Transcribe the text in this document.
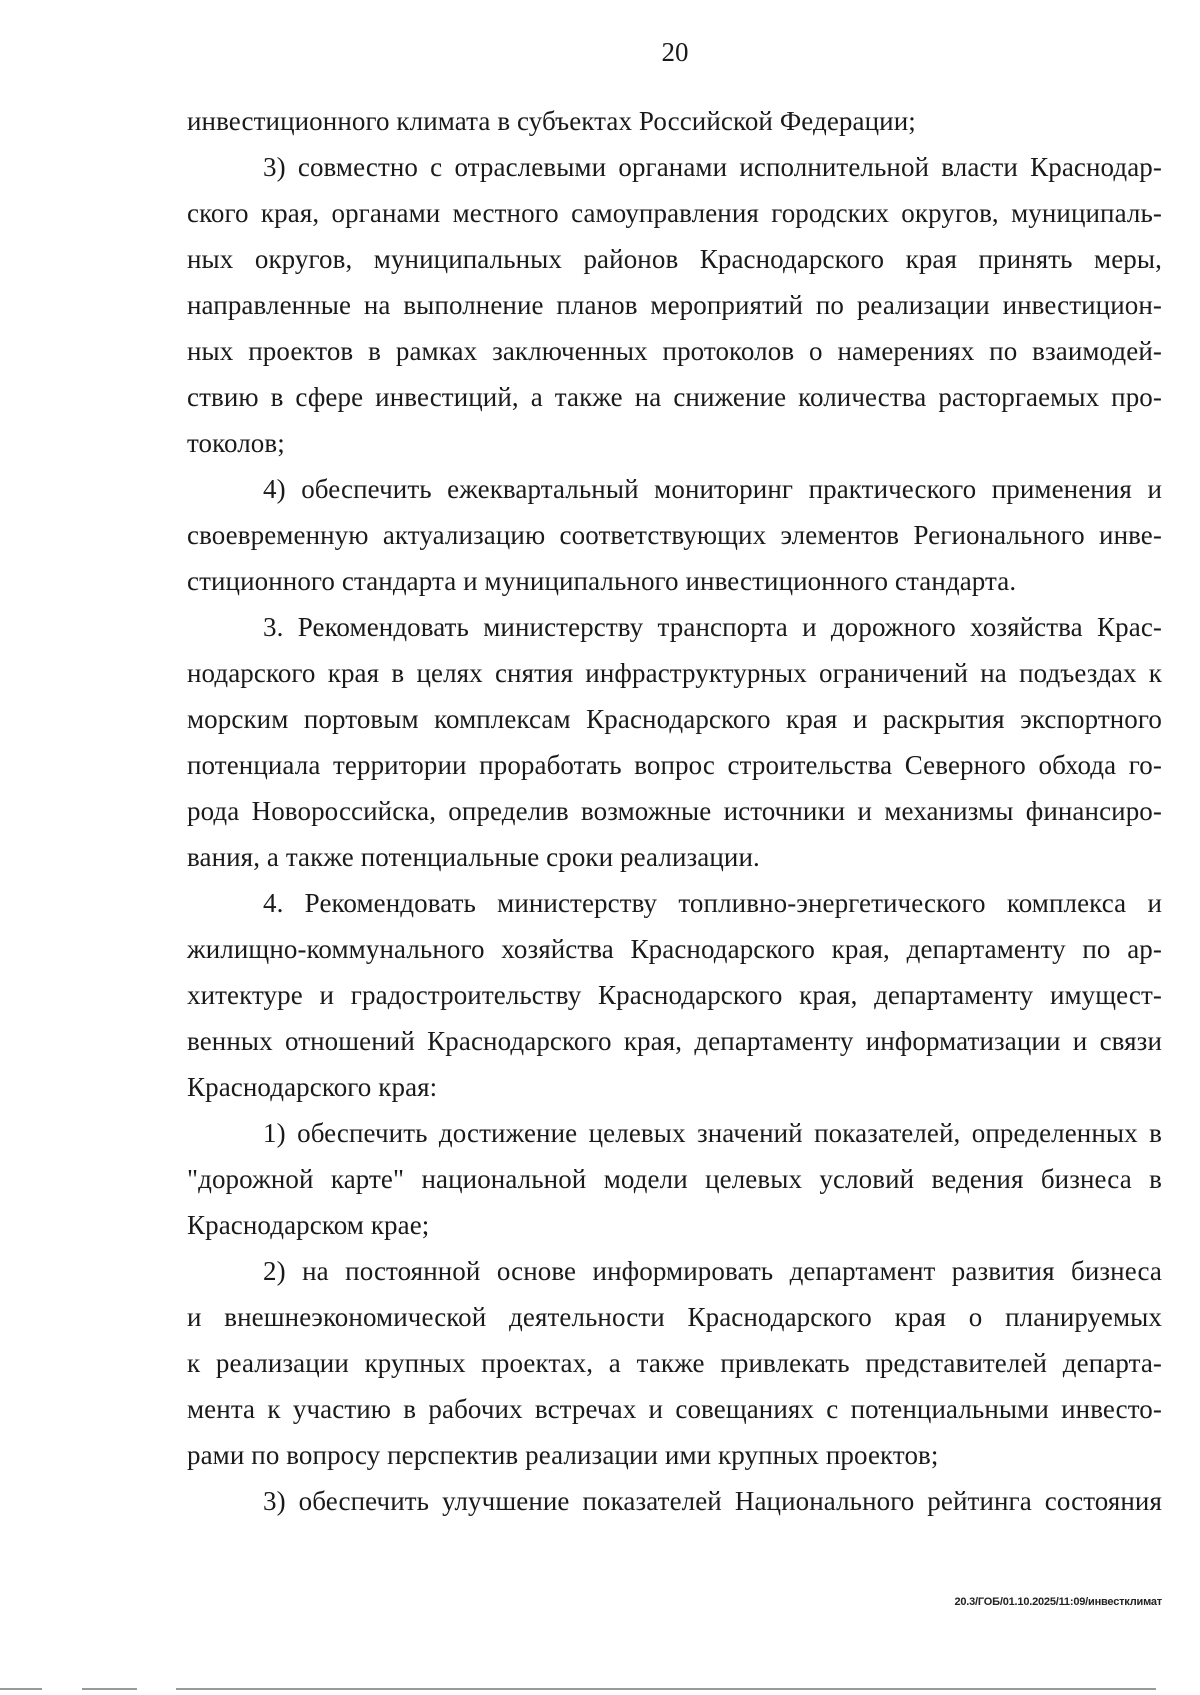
20
инвестиционного климата в субъектах Российской Федерации;
3) совместно с отраслевыми органами исполнительной власти Краснодар-
ского края, органами местного самоуправления городских округов, муниципаль-
ных округов, муниципальных районов Краснодарского края принять меры,
направленные на выполнение планов мероприятий по реализации инвестицион-
ных проектов в рамках заключенных протоколов о намерениях по взаимодей-
ствию в сфере инвестиций, а также на снижение количества расторгаемых про-
токолов;
4) обеспечить ежеквартальный мониторинг практического применения и
своевременную актуализацию соответствующих элементов Регионального инве-
стиционного стандарта и муниципального инвестиционного стандарта.
3. Рекомендовать министерству транспорта и дорожного хозяйства Крас-
нодарского края в целях снятия инфраструктурных ограничений на подъездах к
морским портовым комплексам Краснодарского края и раскрытия экспортного
потенциала территории проработать вопрос строительства Северного обхода го-
рода Новороссийска, определив возможные источники и механизмы финансиро-
вания, а также потенциальные сроки реализации.
4. Рекомендовать министерству топливно-энергетического комплекса и
жилищно-коммунального хозяйства Краснодарского края, департаменту по ар-
хитектуре и градостроительству Краснодарского края, департаменту имущест-
венных отношений Краснодарского края, департаменту информатизации и связи
Краснодарского края:
1) обеспечить достижение целевых значений показателей, определенных в
"дорожной карте" национальной модели целевых условий ведения бизнеса в
Краснодарском крае;
2) на постоянной основе информировать департамент развития бизнеса
и внешнеэкономической деятельности Краснодарского края о планируемых
к реализации крупных проектах, а также привлекать представителей департа-
мента к участию в рабочих встречах и совещаниях с потенциальными инвесто-
рами по вопросу перспектив реализации ими крупных проектов;
3) обеспечить улучшение показателей Национального рейтинга состояния
20.3/ГОБ/01.10.2025/11:09/инвестклимат
